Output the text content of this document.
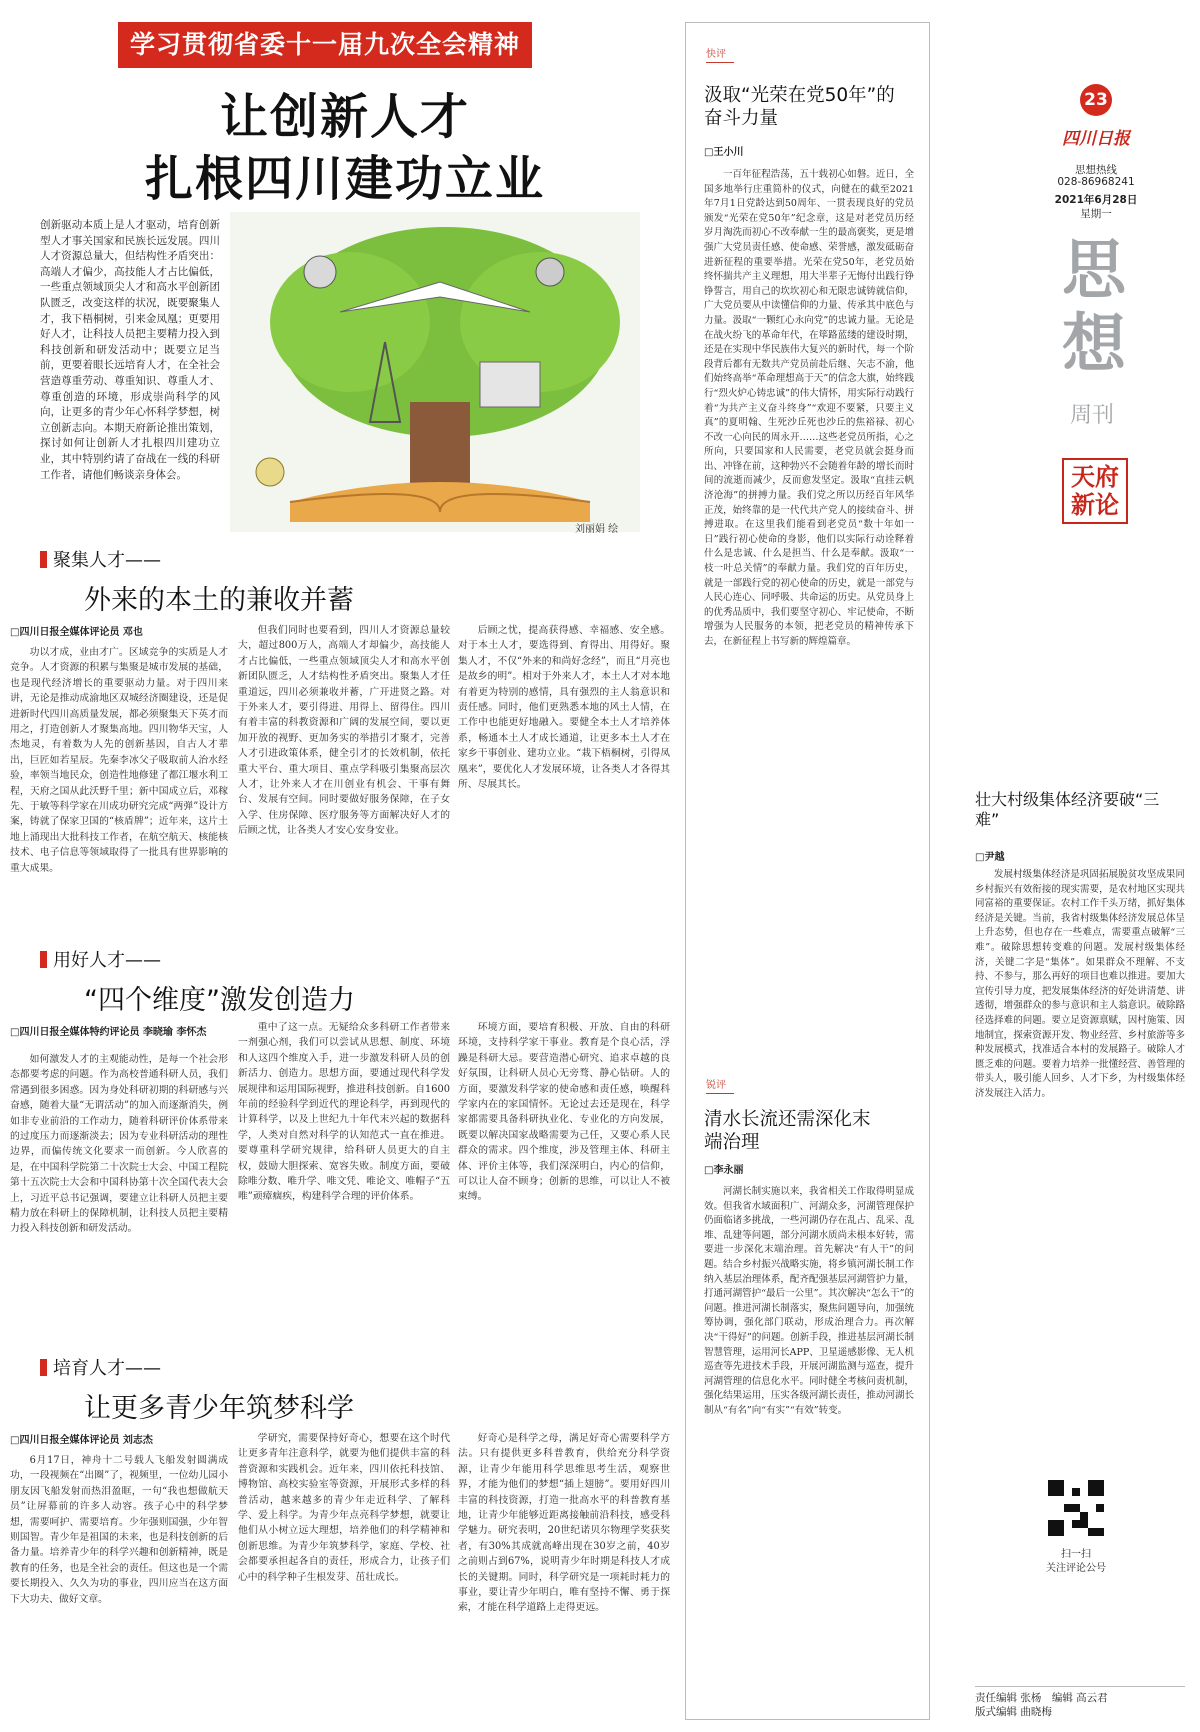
学习贯彻省委十一届九次全会精神
让创新人才
扎根四川建功立业
创新驱动本质上是人才驱动，培育创新型人才事关国家和民族长远发展。四川人才资源总量大，但结构性矛盾突出：高端人才偏少，高技能人才占比偏低，一些重点领域顶尖人才和高水平创新团队匮乏，改变这样的状况，既要聚集人才，我下梧桐树，引来金凤凰；更要用好人才，让科技人员把主要精力投入到科技创新和研发活动中；既要立足当前，更要着眼长远培育人才，在全社会营造尊重劳动、尊重知识、尊重人才、尊重创造的环境，形成崇尚科学的风向，让更多的青少年心怀科学梦想，树立创新志向。本期天府新论推出策划，探讨如何让创新人才扎根四川建功立业，其中特别约请了奋战在一线的科研工作者，请他们畅谈亲身体会。
刘丽娟 绘
聚集人才——
外来的本土的兼收并蓄
□四川日报全媒体评论员 邓也
功以才成，业由才广。区域竞争的实质是人才竞争。人才资源的积累与集聚是城市发展的基础，也是现代经济增长的重要驱动力量。对于四川来讲，无论是推动成渝地区双城经济圈建设，还是促进新时代四川高质量发展，都必须聚集天下英才而用之，打造创新人才聚集高地。四川物华天宝，人杰地灵，有着数为人先的创新基因，自古人才辈出，巨匠如若星辰。先秦李冰父子吸取前人治水经验，率领当地民众，创造性地修建了都江堰水利工程，天府之国从此沃野千里；新中国成立后，邓稼先、于敏等科学家在川成功研究完成“两弹”设计方案，铸就了保家卫国的“核盾牌”；近年来，这片土地上涌现出大批科技工作者，在航空航天、核能核技术、电子信息等领域取得了一批具有世界影响的重大成果。
但我们同时也要看到，四川人才资源总量较大，超过800万人，高端人才却偏少，高技能人才占比偏低，一些重点领域顶尖人才和高水平创新团队匮乏，人才结构性矛盾突出。聚集人才任重道远，四川必须兼收并蓄，广开进贤之路。对于外来人才，要引得进、用得上、留得住。四川有着丰富的科教资源和广阔的发展空间，要以更加开放的视野、更加务实的举措引才聚才，完善人才引进政策体系，健全引才的长效机制，依托重大平台、重大项目、重点学科吸引集聚高层次人才，让外来人才在川创业有机会、干事有舞台、发展有空间。同时要做好服务保障，在子女入学、住房保障、医疗服务等方面解决好人才的后顾之忧，让各类人才安心安身安业。
后顾之忧，提高获得感、幸福感、安全感。对于本土人才，要选得到、育得出、用得好。聚集人才，不仅“外来的和尚好念经”，而且“月亮也是故乡的明”。相对于外来人才，本土人才对本地有着更为特别的感情，具有强烈的主人翁意识和责任感。同时，他们更熟悉本地的风土人情，在工作中也能更好地融入。要健全本土人才培养体系，畅通本土人才成长通道，让更多本土人才在家乡干事创业、建功立业。“栽下梧桐树，引得凤凰来”，要优化人才发展环境，让各类人才各得其所、尽展其长。
用好人才——
“四个维度”激发创造力
□四川日报全媒体特约评论员 李晓瑜 李怀杰
如何激发人才的主观能动性，是每一个社会形态都要考虑的问题。作为高校普通科研人员，我们常遇到很多困惑。因为身处科研初期的科研感与兴奋感，随着大量“无谓活动”的加入而逐渐消失，例如非专业前沿的工作动力，随着科研评价体系带来的过度压力而逐渐淡去；因为专业科研活动的理性边界，而偏传统文化要求一而创新。今人欣喜的是，在中国科学院第二十次院士大会、中国工程院第十五次院士大会和中国科协第十次全国代表大会上，习近平总书记强调，要建立让科研人员把主要精力放在科研上的保障机制，让科技人员把主要精力投入科技创新和研发活动。
重中了这一点。无疑给众多科研工作者带来一剂强心剂，我们可以尝试从思想、制度、环境和人这四个维度入手，进一步激发科研人员的创新活力、创造力。思想方面，要通过现代科学发展规律和运用国际视野，推进科技创新。自1600年前的经验科学到近代的理论科学，再到现代的计算科学，以及上世纪九十年代末兴起的数据科学，人类对自然对科学的认知范式一直在推进。要尊重科学研究规律，给科研人员更大的自主权，鼓励大胆探索、宽容失败。制度方面，要破除唯分数、唯升学、唯文凭、唯论文、唯帽子“五唯”顽瘴痼疾，构建科学合理的评价体系。
环境方面，要培育积极、开放、自由的科研环境，支持科学家干事业。教育是个良心活，浮躁是科研大忌。要营造潜心研究、追求卓越的良好氛围，让科研人员心无旁骛、静心钻研。人的方面，要激发科学家的使命感和责任感，唤醒科学家内在的家国情怀。无论过去还是现在，科学家都需要具备科研执业化、专业化的方向发展，既要以解决国家战略需要为己任，又要心系人民群众的需求。四个维度，涉及管理主体、科研主体、评价主体等，我们深深明白，内心的信仰，可以让人奋不顾身；创新的思维，可以让人不被束缚。
培育人才——
让更多青少年筑梦科学
□四川日报全媒体评论员 刘志杰
6月17日，神舟十二号载人飞船发射圆满成功，一段视频在“出圈”了，视频里，一位幼儿园小朋友因飞船发射而热泪盈眶，一句“我也想做航天员”让屏幕前的许多人动容。孩子心中的科学梦想，需要呵护、需要培育。少年强则国强，少年智则国智。青少年是祖国的未来，也是科技创新的后备力量。培养青少年的科学兴趣和创新精神，既是教育的任务，也是全社会的责任。但这也是一个需要长期投入、久久为功的事业，四川应当在这方面下大功夫、做好文章。
学研究，需要保持好奇心，想要在这个时代让更多青年注意科学，就要为他们提供丰富的科普资源和实践机会。近年来，四川依托科技馆、博物馆、高校实验室等资源，开展形式多样的科普活动，越来越多的青少年走近科学、了解科学、爱上科学。为青少年点亮科学梦想，就要让他们从小树立远大理想，培养他们的科学精神和创新思维。为青少年筑梦科学，家庭、学校、社会都要承担起各自的责任，形成合力，让孩子们心中的科学种子生根发芽、茁壮成长。
好奇心是科学之母，满足好奇心需要科学方法。只有提供更多科普教育，供给充分科学资源，让青少年能用科学思维思考生活，观察世界，才能为他们的梦想“插上翅膀”。要用好四川丰富的科技资源，打造一批高水平的科普教育基地，让青少年能够近距离接触前沿科技，感受科学魅力。研究表明，20世纪诺贝尔物理学奖获奖者，有30%其成就高峰出现在30岁之前，40岁之前则占到67%，说明青少年时期是科技人才成长的关键期。同时，科学研究是一项耗时耗力的事业，要让青少年明白，唯有坚持不懈、勇于探索，才能在科学道路上走得更远。
快评
汲取“光荣在党50年”的奋斗力量
□王小川
一百年征程浩荡，五十载初心如磐。近日，全国多地举行庄重简朴的仪式，向健在的截至2021年7月1日党龄达到50周年、一贯表现良好的党员颁发“光荣在党50年”纪念章，这是对老党员历经岁月淘洗而初心不改奉献一生的最高褒奖，更是增强广大党员责任感、使命感、荣誉感，激发砥砺奋进新征程的重要举措。光荣在党50年，老党员始终怀揣共产主义理想，用大半辈子无悔付出践行铮铮誓言，用自己的坎坎初心和无限忠诚铸就信仰，广大党员要从中读懂信仰的力量、传承其中底色与力量。汲取“一颗红心永向党”的忠诚力量。无论是在战火纷飞的革命年代，在筚路蓝缕的建设时期，还是在实现中华民族伟大复兴的新时代，每一个阶段背后都有无数共产党员前赴后继、矢志不渝，他们始终高举“革命理想高于天”的信念大旗，始终践行“烈火炉心铸忠诚”的伟大情怀，用实际行动践行着“为共产主义奋斗终身”“欢迎不要紧，只要主义真”的夏明翰、生死沙丘死也沙丘的焦裕禄、初心不改一心向民的周永开……这些老党员所指，心之所向，只要国家和人民需要，老党员就会挺身而出、冲锋在前，这种勃兴不会随着年龄的增长而时间的流逝而减少，反而愈发坚定。汲取“直挂云帆济沧海”的拼搏力量。我们党之所以历经百年风华正茂，始终靠的是一代代共产党人的接续奋斗、拼搏进取。在这里我们能看到老党员“数十年如一日”践行初心使命的身影，他们以实际行动诠释着什么是忠诚、什么是担当、什么是奉献。汲取“一枝一叶总关情”的奉献力量。我们党的百年历史，就是一部践行党的初心使命的历史，就是一部党与人民心连心、同呼吸、共命运的历史。从党员身上的优秀品质中，我们要坚守初心、牢记使命，不断增强为人民服务的本领，把老党员的精神传承下去，在新征程上书写新的辉煌篇章。
锐评
清水长流还需深化末端治理
□李永丽
河湖长制实施以来，我省相关工作取得明显成效。但我省水域面积广、河湖众多，河湖管理保护仍面临诸多挑战，一些河湖仍存在乱占、乱采、乱堆、乱建等问题，部分河湖水质尚未根本好转，需要进一步深化末端治理。首先解决“有人干”的问题。结合乡村振兴战略实施，将乡镇河湖长制工作纳入基层治理体系，配齐配强基层河湖管护力量，打通河湖管护“最后一公里”。其次解决“怎么干”的问题。推进河湖长制落实，聚焦问题导向，加强统筹协调，强化部门联动，形成治理合力。再次解决“干得好”的问题。创新手段，推进基层河湖长制智慧管理，运用河长APP、卫星遥感影像、无人机巡查等先进技术手段，开展河湖监测与巡查，提升河湖管理的信息化水平。同时健全考核问责机制，强化结果运用，压实各级河湖长责任，推动河湖长制从“有名”向“有实”“有效”转变。
23
四川日报
思想热线
028-86968241
2021年6月28日
星期一
思
想
周刊
天府
新论
壮大村级集体经济要破“三难”
□尹越
发展村级集体经济是巩固拓展脱贫攻坚成果同乡村振兴有效衔接的现实需要，是农村地区实现共同富裕的重要保证。农村工作千头万绪，抓好集体经济是关键。当前，我省村级集体经济发展总体呈上升态势，但也存在一些难点，需要重点破解“三难”。破除思想转变难的问题。发展村级集体经济，关键二字是“集体”。如果群众不理解、不支持、不参与，那么再好的项目也难以推进。要加大宣传引导力度，把发展集体经济的好处讲清楚、讲透彻，增强群众的参与意识和主人翁意识。破除路径选择难的问题。要立足资源禀赋，因村施策、因地制宜，探索资源开发、物业经营、乡村旅游等多种发展模式，找准适合本村的发展路子。破除人才匮乏难的问题。要着力培养一批懂经营、善管理的带头人，吸引能人回乡、人才下乡，为村级集体经济发展注入活力。
扫一扫
关注评论公号
责任编辑 张杨　编辑 高云君
版式编辑 曲晓梅
